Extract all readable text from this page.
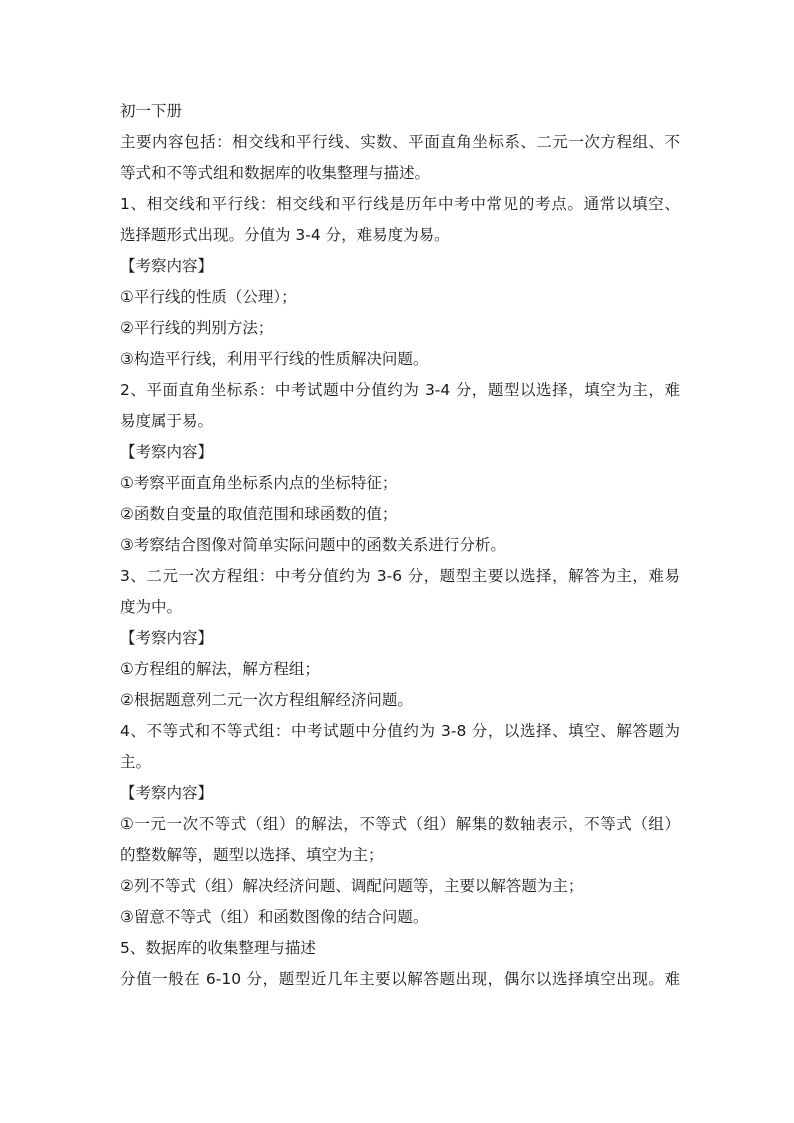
初一下册

主要内容包括：相交线和平行线、实数、平面直角坐标系、二元一次方程组、不

等式和不等式组和数据库的收集整理与描述。

1、相交线和平行线：相交线和平行线是历年中考中常见的考点。通常以填空、

选择题形式出现。分值为 3-4 分，难易度为易。

【考察内容】

①平行线的性质（公理）；

②平行线的判别方法；

③构造平行线，利用平行线的性质解决问题。

2、平面直角坐标系：中考试题中分值约为 3-4 分，题型以选择，填空为主，难

易度属于易。

【考察内容】

①考察平面直角坐标系内点的坐标特征；

②函数自变量的取值范围和球函数的值；

③考察结合图像对简单实际问题中的函数关系进行分析。

3、二元一次方程组：中考分值约为 3-6 分，题型主要以选择，解答为主，难易

度为中。

【考察内容】

①方程组的解法，解方程组；

②根据题意列二元一次方程组解经济问题。

4、不等式和不等式组：中考试题中分值约为 3-8 分，以选择、填空、解答题为

主。

【考察内容】

①一元一次不等式（组）的解法，不等式（组）解集的数轴表示，不等式（组）

的整数解等，题型以选择、填空为主；

②列不等式（组）解决经济问题、调配问题等，主要以解答题为主；

③留意不等式（组）和函数图像的结合问题。

5、数据库的收集整理与描述

分值一般在 6-10 分，题型近几年主要以解答题出现，偶尔以选择填空出现。难
